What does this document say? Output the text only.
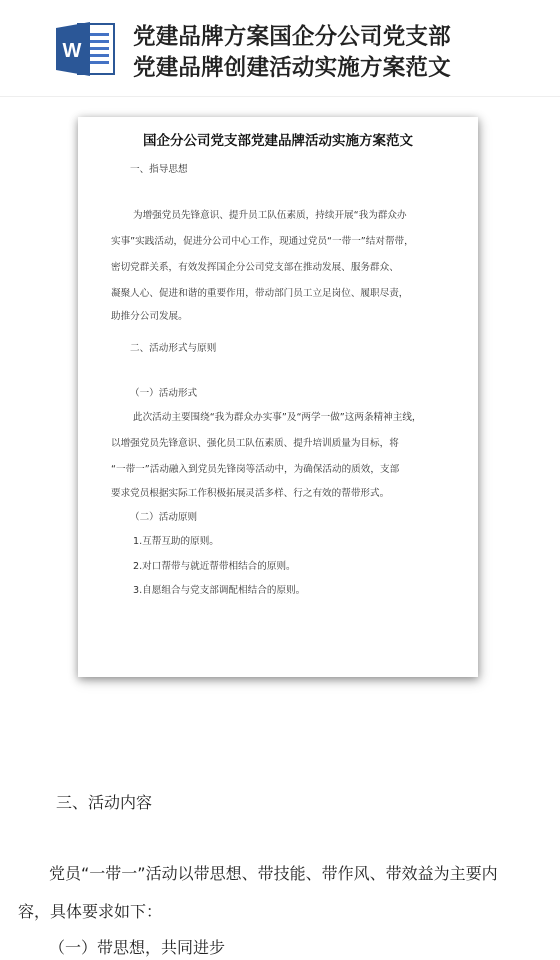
W
党建品牌方案国企分公司党支部
党建品牌创建活动实施方案范文
国企分公司党支部党建品牌活动实施方案范文
一、指导思想
为增强党员先锋意识、提升员工队伍素质，持续开展“我为群众办
实事”实践活动，促进分公司中心工作，现通过党员“一带一”结对帮带，
密切党群关系，有效发挥国企分公司党支部在推动发展、服务群众、
凝聚人心、促进和谐的重要作用，带动部门员工立足岗位、履职尽责，
助推分公司发展。
二、活动形式与原则
（一）活动形式
此次活动主要围绕“我为群众办实事”及“两学一做”这两条精神主线，
以增强党员先锋意识、强化员工队伍素质、提升培训质量为目标，将
“一带一”活动融入到党员先锋岗等活动中，为确保活动的质效，支部
要求党员根据实际工作积极拓展灵活多样、行之有效的帮带形式。
（二）活动原则
1.互帮互助的原则。
2.对口帮带与就近帮带相结合的原则。
3.自愿组合与党支部调配相结合的原则。
三、活动内容
党员“一带一”活动以带思想、带技能、带作风、带效益为主要内
容，具体要求如下：
（一）带思想，共同进步
